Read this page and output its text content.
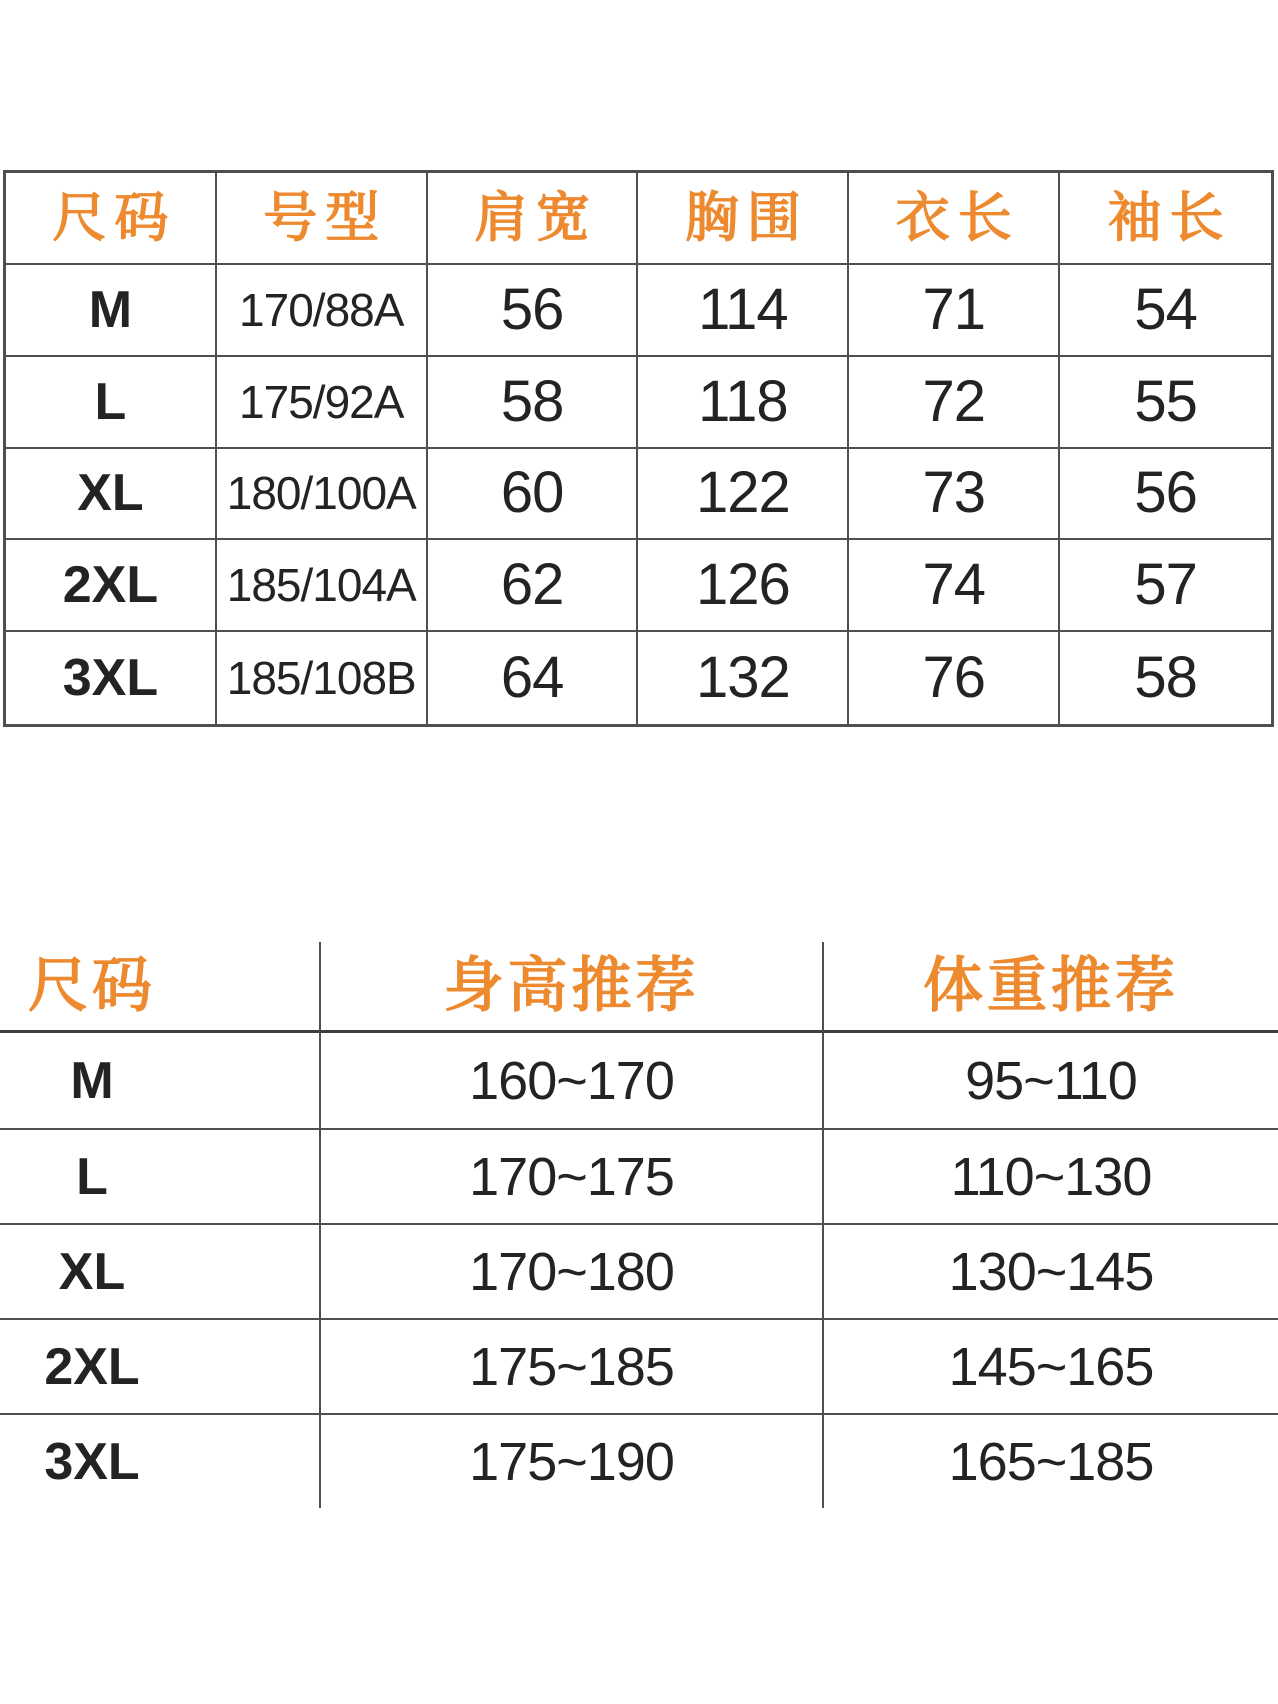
尺码	号型	肩宽	胸围	衣长	袖长
M	170/88A	56	114	71	54
L	175/92A	58	118	72	55
XL	180/100A	60	122	73	56
2XL	185/104A	62	126	74	57
3XL	185/108B	64	132	76	58
尺码	身高推荐	体重推荐
M	160~170	95~110
L	170~175	110~130
XL	170~180	130~145
2XL	175~185	145~165
3XL	175~190	165~185
